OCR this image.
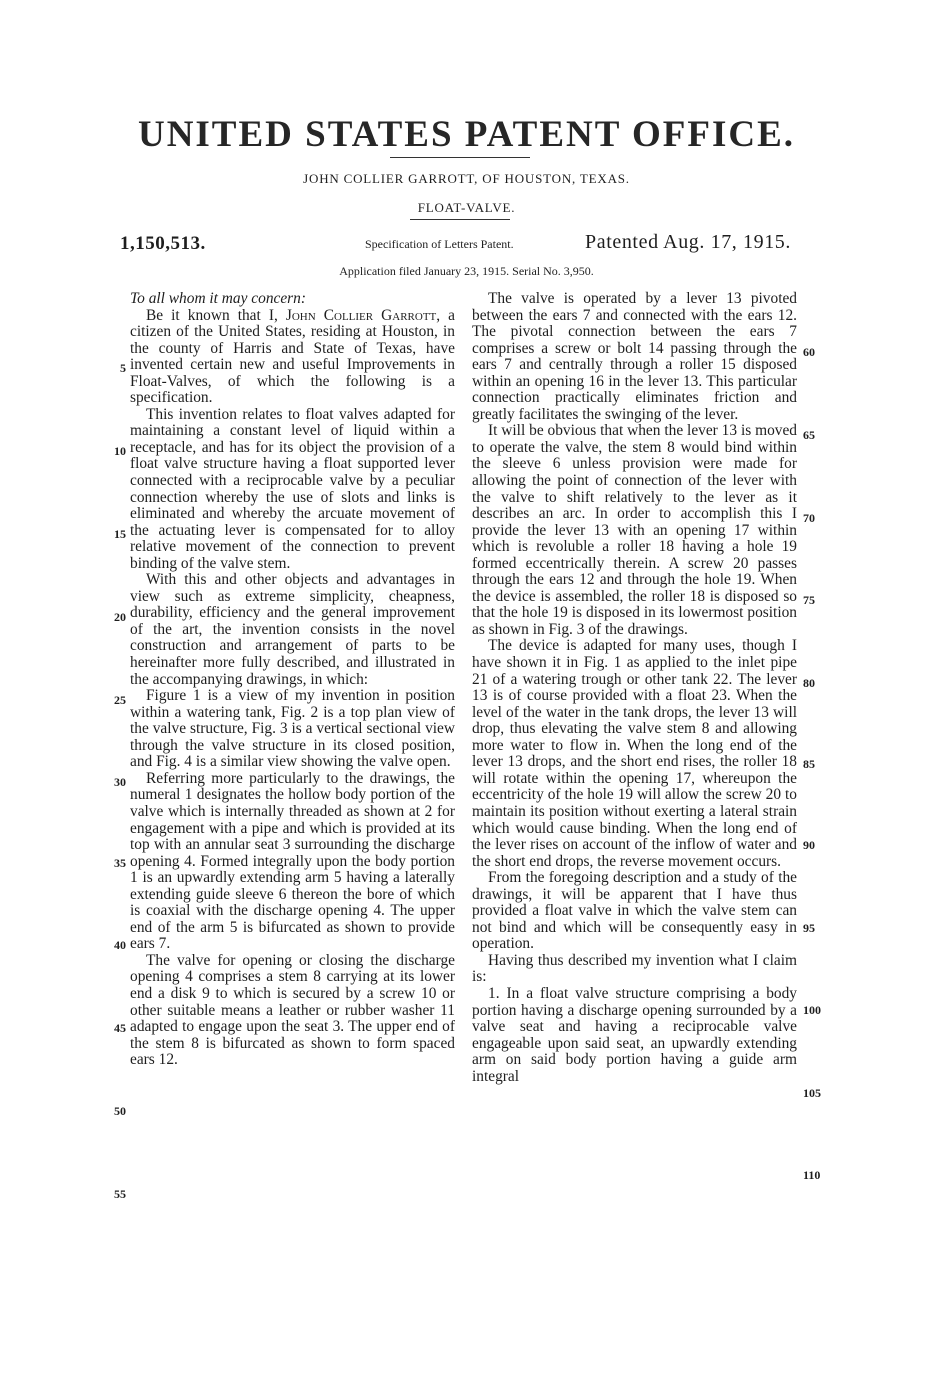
UNITED STATES PATENT OFFICE.
JOHN COLLIER GARROTT, OF HOUSTON, TEXAS.
FLOAT-VALVE.
1,150,513.	Specification of Letters Patent.	Patented Aug. 17, 1915.
Application filed January 23, 1915. Serial No. 3,950.

To all whom it may concern:

Be it known that I, John Collier Garrott, a citizen of the United States, residing at Houston, in the county of Harris and State of Texas, have invented certain new and useful Improvements in Float-Valves, of which the following is a specification.

This invention relates to float valves adapted for maintaining a constant level of liquid within a receptacle, and has for its object the provision of a float valve structure having a float supported lever connected with a reciprocable valve by a peculiar connection whereby the use of slots and links is eliminated and whereby the arcuate movement of the actuating lever is compensated for to alloy relative movement of the connection to prevent binding of the valve stem.

With this and other objects and advantages in view such as extreme simplicity, cheapness, durability, efficiency and the general improvement of the art, the invention consists in the novel construction and arrangement of parts to be hereinafter more fully described, and illustrated in the accompanying drawings, in which:

Figure 1 is a view of my invention in position within a watering tank, Fig. 2 is a top plan view of the valve structure, Fig. 3 is a vertical sectional view through the valve structure in its closed position, and Fig. 4 is a similar view showing the valve open.

Referring more particularly to the drawings, the numeral 1 designates the hollow body portion of the valve which is internally threaded as shown at 2 for engagement with a pipe and which is provided at its top with an annular seat 3 surrounding the discharge opening 4. Formed integrally upon the body portion 1 is an upwardly extending arm 5 having a laterally extending guide sleeve 6 thereon the bore of which is coaxial with the discharge opening 4. The upper end of the arm 5 is bifurcated as shown to provide ears 7.

The valve for opening or closing the discharge opening 4 comprises a stem 8 carrying at its lower end a disk 9 to which is secured by a screw 10 or other suitable means a leather or rubber washer 11 adapted to engage upon the seat 3. The upper end of the stem 8 is bifurcated as shown to form spaced ears 12.

The valve is operated by a lever 13 pivoted between the ears 7 and connected with the ears 12. The pivotal connection between the ears 7 comprises a screw or bolt 14 passing through the ears 7 and centrally through a roller 15 disposed within an opening 16 in the lever 13. This particular connection practically eliminates friction and greatly facilitates the swinging of the lever.

It will be obvious that when the lever 13 is moved to operate the valve, the stem 8 would bind within the sleeve 6 unless provision were made for allowing the point of connection of the lever with the valve to shift relatively to the lever as it describes an arc. In order to accomplish this I provide the lever 13 with an opening 17 within which is revoluble a roller 18 having a hole 19 formed eccentrically therein. A screw 20 passes through the ears 12 and through the hole 19. When the device is assembled, the roller 18 is disposed so that the hole 19 is disposed in its lowermost position as shown in Fig. 3 of the drawings.

The device is adapted for many uses, though I have shown it in Fig. 1 as applied to the inlet pipe 21 of a watering trough or other tank 22. The lever 13 is of course provided with a float 23. When the level of the water in the tank drops, the lever 13 will drop, thus elevating the valve stem 8 and allowing more water to flow in. When the long end of the lever 13 drops, and the short end rises, the roller 18 will rotate within the opening 17, whereupon the eccentricity of the hole 19 will allow the screw 20 to maintain its position without exerting a lateral strain which would cause binding. When the long end of the lever rises on account of the inflow of water and the short end drops, the reverse movement occurs.

From the foregoing description and a study of the drawings, it will be apparent that I have thus provided a float valve in which the valve stem can not bind and which will be consequently easy in operation.

Having thus described my invention what I claim is:

1. In a float valve structure comprising a body portion having a discharge opening surrounded by a valve seat and having a reciprocable valve engageable upon said seat, an upwardly extending arm on said body portion having a guide arm integral

5
10
15
20
25
30
35
40
45
50
55
60
65
70
75
80
85
90
95
100
105
110
